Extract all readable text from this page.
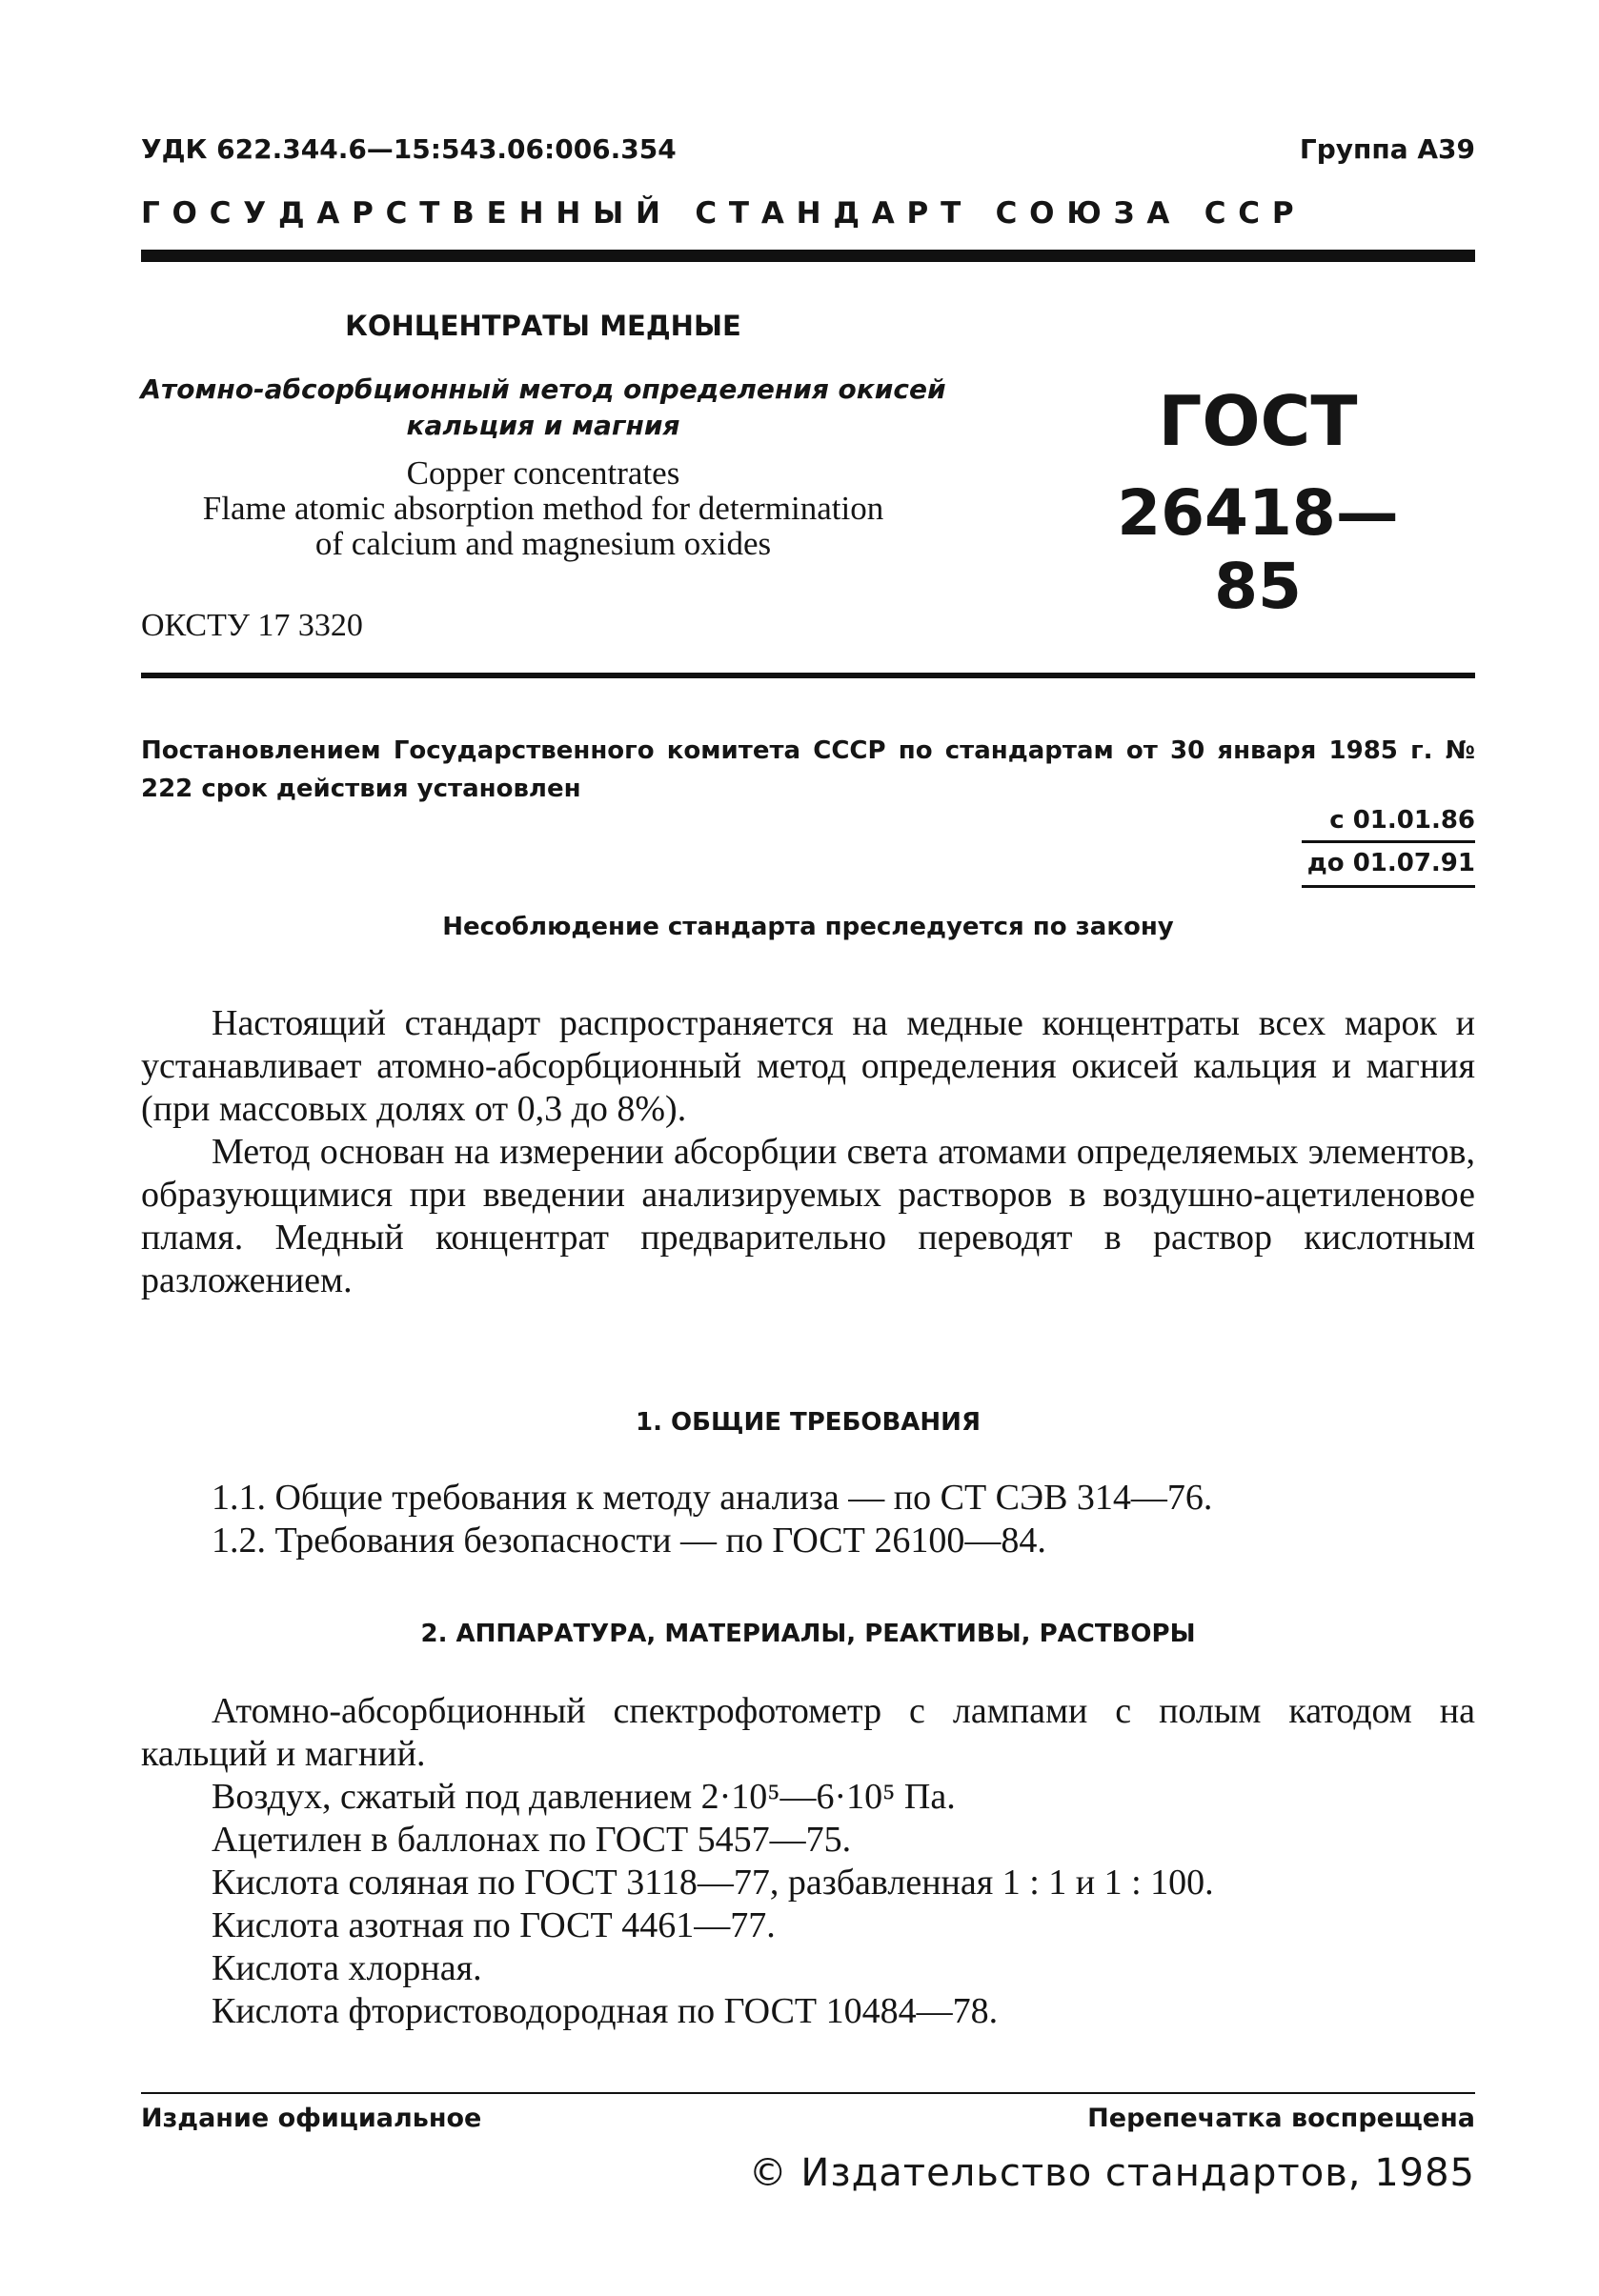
УДК 622.344.6—15:543.06:006.354	Группа А39
ГОСУДАРСТВЕННЫЙ СТАНДАРТ СОЮЗА ССР
КОНЦЕНТРАТЫ МЕДНЫЕ
Атомно-абсорбционный метод определения окисей кальция и магния
Copper concentrates
Flame atomic absorption method for determination
of calcium and magnesium oxides
ГОСТ
26418—85
ОКСТУ 17 3320
Постановлением Государственного комитета СССР по стандартам от 30 января 1985 г. № 222 срок действия установлен
с 01.01.86
до 01.07.91
Несоблюдение стандарта преследуется по закону

Настоящий стандарт распространяется на медные концентраты всех марок и устанавливает атомно-абсорбционный метод определения окисей кальция и магния (при массовых долях от 0,3 до 8%).

Метод основан на измерении абсорбции света атомами определяемых элементов, образующимися при введении анализируемых растворов в воздушно-ацетиленовое пламя. Медный концентрат предварительно переводят в раствор кислотным разложением.

1. ОБЩИЕ ТРЕБОВАНИЯ

1.1. Общие требования к методу анализа — по СТ СЭВ 314—76.

1.2. Требования безопасности — по ГОСТ 26100—84.

2. АППАРАТУРА, МАТЕРИАЛЫ, РЕАКТИВЫ, РАСТВОРЫ

Атомно-абсорбционный спектрофотометр с лампами с полым катодом на кальций и магний.

Воздух, сжатый под давлением 2·10⁵—6·10⁵ Па.

Ацетилен в баллонах по ГОСТ 5457—75.

Кислота соляная по ГОСТ 3118—77, разбавленная 1 : 1 и 1 : 100.

Кислота азотная по ГОСТ 4461—77.

Кислота хлорная.

Кислота фтористоводородная по ГОСТ 10484—78.

Издание официальное	Перепечатка воспрещена
© Издательство стандартов, 1985
